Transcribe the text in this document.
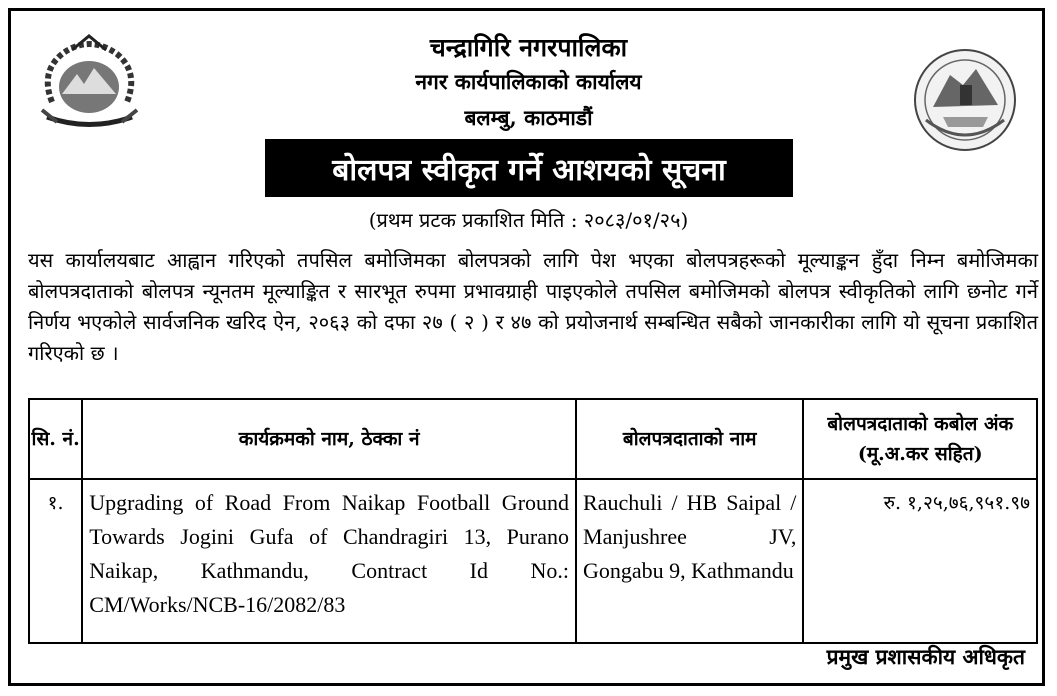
चन्द्रागिरि नगरपालिका
नगर कार्यपालिकाको कार्यालय
बलम्बु, काठमाडौं
बोलपत्र स्वीकृत गर्ने आशयको सूचना
(प्रथम प्रटक प्रकाशित मिति : २०८३/०१/२५)

यस कार्यालयबाट आह्वान गरिएको तपसिल बमोजिमका बोलपत्रको लागि पेश भएका बोलपत्रहरूको मूल्याङ्कन हुँदा निम्न बमोजिमका बोलपत्रदाताको बोलपत्र न्यूनतम मूल्याङ्कित र सारभूत रुपमा प्रभावग्राही पाइएकोले तपसिल बमोजिमको बोलपत्र स्वीकृतिको लागि छनोट गर्ने निर्णय भएकोले सार्वजनिक खरिद ऐन, २०६३ को दफा २७ ( २ ) र ४७ को प्रयोजनार्थ सम्बन्धित सबैको जानकारीका लागि यो सूचना प्रकाशित गरिएको छ ।

सि. नं.	कार्यक्रमको नाम, ठेक्का नं	बोलपत्रदाताको नाम	बोलपत्रदाताको कबोल अंक (मू.अ.कर सहित)
१.	Upgrading of Road From Naikap Football Ground Towards Jogini Gufa of Chandragiri 13, Purano Naikap, Kathmandu, Contract Id No.: CM/Works/NCB-16/2082/83	Rauchuli / HB Saipal / Manjushree JV, Gongabu 9, Kathmandu	रु. १,२५,७६,९५१.९७
प्रमुख प्रशासकीय अधिकृत
